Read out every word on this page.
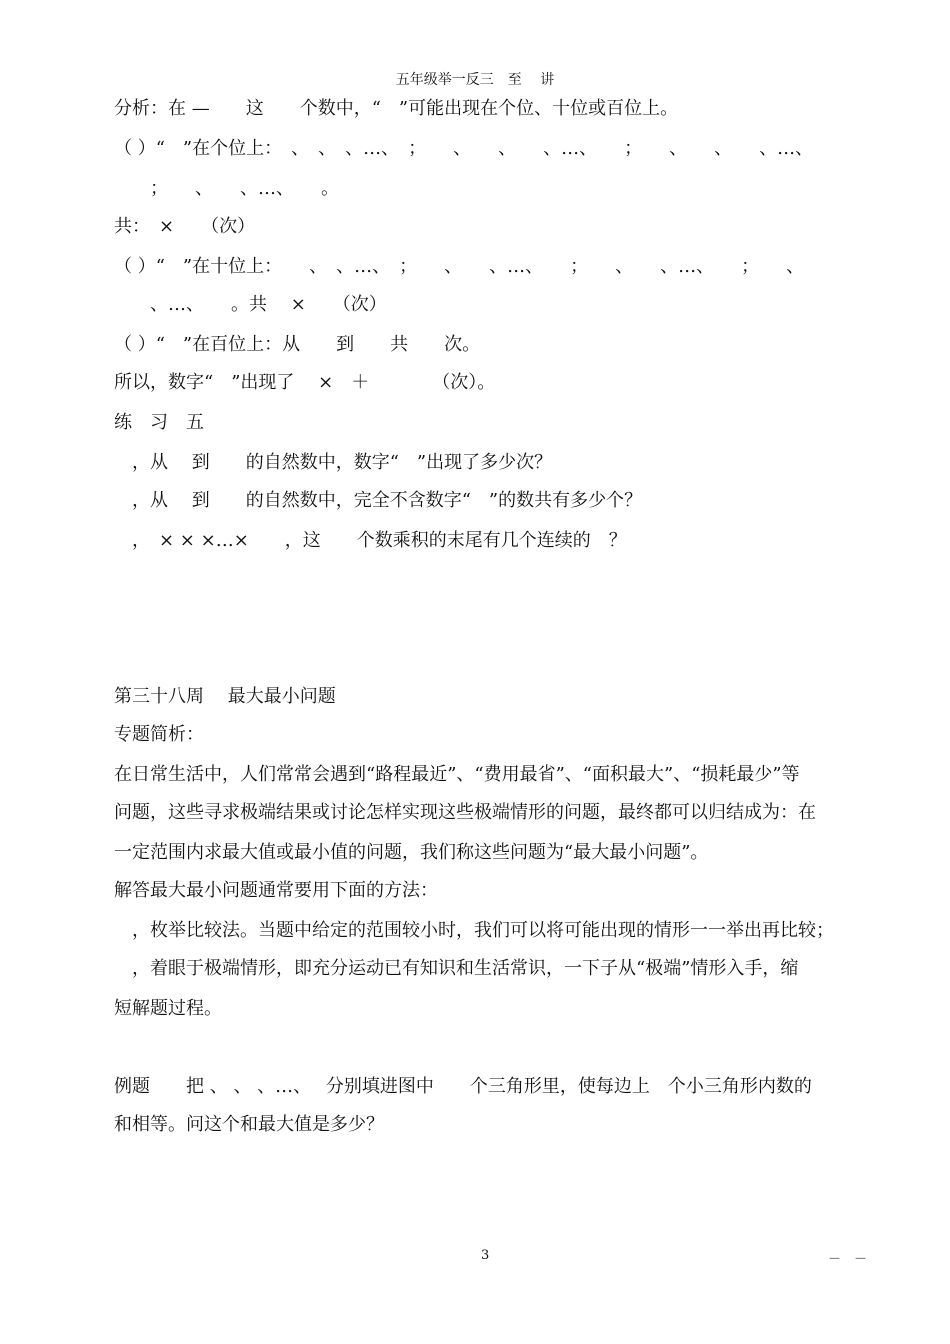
五年级举一反三　至　 讲
分析：在 —　　这　　个数中，“　”可能出现在个位、十位或百位上。
（ ）“　”在个位上：　、　、　、…、　；　　、　　、　　、…、　　；　　、　　、　　、…、
　　；　　、　　、…、　　。
共：　×　　（次）
（ ）“　”在十位上：　　、　、…、　；　　、　　、…、　　；　　、　　、…、　　；　　、
　　、…、　　。共　 ×　　（次）
（ ）“　”在百位上：从　　到　　共　　次。
所以，数字“　”出现了　 ×　＋　　　　（次）。
练　习　五
　，从　 到　　的自然数中，数字“　”出现了多少次？
　，从　 到　　的自然数中，完全不含数字“　”的数共有多少个？
　，　× × ×…×　　，这　　个数乘积的末尾有几个连续的　？
第三十八周　 最大最小问题
专题简析：
在日常生活中，人们常常会遇到“路程最近”、“费用最省”、“面积最大”、“损耗最少”等
问题，这些寻求极端结果或讨论怎样实现这些极端情形的问题，最终都可以归结成为：在
一定范围内求最大值或最小值的问题，我们称这些问题为“最大最小问题”。
解答最大最小问题通常要用下面的方法：
　，枚举比较法。当题中给定的范围较小时，我们可以将可能出现的情形一一举出再比较；
　，着眼于极端情形，即充分运动已有知识和生活常识，一下子从“极端”情形入手，缩
短解题过程。
例题　　把 、 、 、…、　 分别填进图中　　个三角形里，使每边上　个小三角形内数的
和相等。问这个和最大值是多少？
3	－　－
